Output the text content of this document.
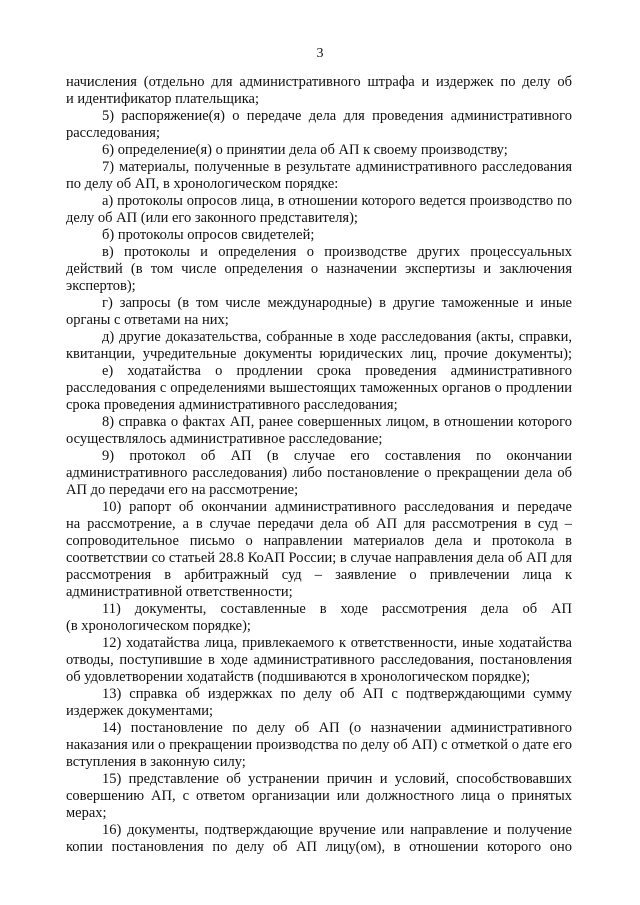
3
начисления (отдельно для административного штрафа и издержек по делу об
и идентификатор плательщика;
5) распоряжение(я) о передаче дела для проведения административного
расследования;
6) определение(я) о принятии дела об АП к своему производству;
7) материалы, полученные в результате административного расследования
по делу об АП, в хронологическом порядке:
а) протоколы опросов лица, в отношении которого ведется производство по
делу об АП (или его законного представителя);
б) протоколы опросов свидетелей;
в) протоколы и определения о производстве других процессуальных
действий (в том числе определения о назначении экспертизы и заключения
экспертов);
г) запросы (в том числе международные) в другие таможенные и иные
органы с ответами на них;
д) другие доказательства, собранные в ходе расследования (акты, справки,
квитанции, учредительные документы юридических лиц, прочие документы);
е) ходатайства о продлении срока проведения административного
расследования с определениями вышестоящих таможенных органов о продлении
срока проведения административного расследования;
8) справка о фактах АП, ранее совершенных лицом, в отношении которого
осуществлялось административное расследование;
9) протокол об АП (в случае его составления по окончании
административного расследования) либо постановление о прекращении дела об
АП до передачи его на рассмотрение;
10) рапорт об окончании административного расследования и передаче
на рассмотрение, а в случае передачи дела об АП для рассмотрения в суд –
сопроводительное письмо о направлении материалов дела и протокола в
соответствии со статьей 28.8 КоАП России; в случае направления дела об АП для
рассмотрения в арбитражный суд – заявление о привлечении лица к
административной ответственности;
11) документы, составленные в ходе рассмотрения дела об АП
(в хронологическом порядке);
12) ходатайства лица, привлекаемого к ответственности, иные ходатайства
отводы, поступившие в ходе административного расследования, постановления
об удовлетворении ходатайств (подшиваются в хронологическом порядке);
13) справка об издержках по делу об АП с подтверждающими сумму
издержек документами;
14) постановление по делу об АП (о назначении административного
наказания или о прекращении производства по делу об АП) с отметкой о дате его
вступления в законную силу;
15) представление об устранении причин и условий, способствовавших
совершению АП, с ответом организации или должностного лица о принятых
мерах;
16) документы, подтверждающие вручение или направление и получение
копии постановления по делу об АП лицу(ом), в отношении которого оно
